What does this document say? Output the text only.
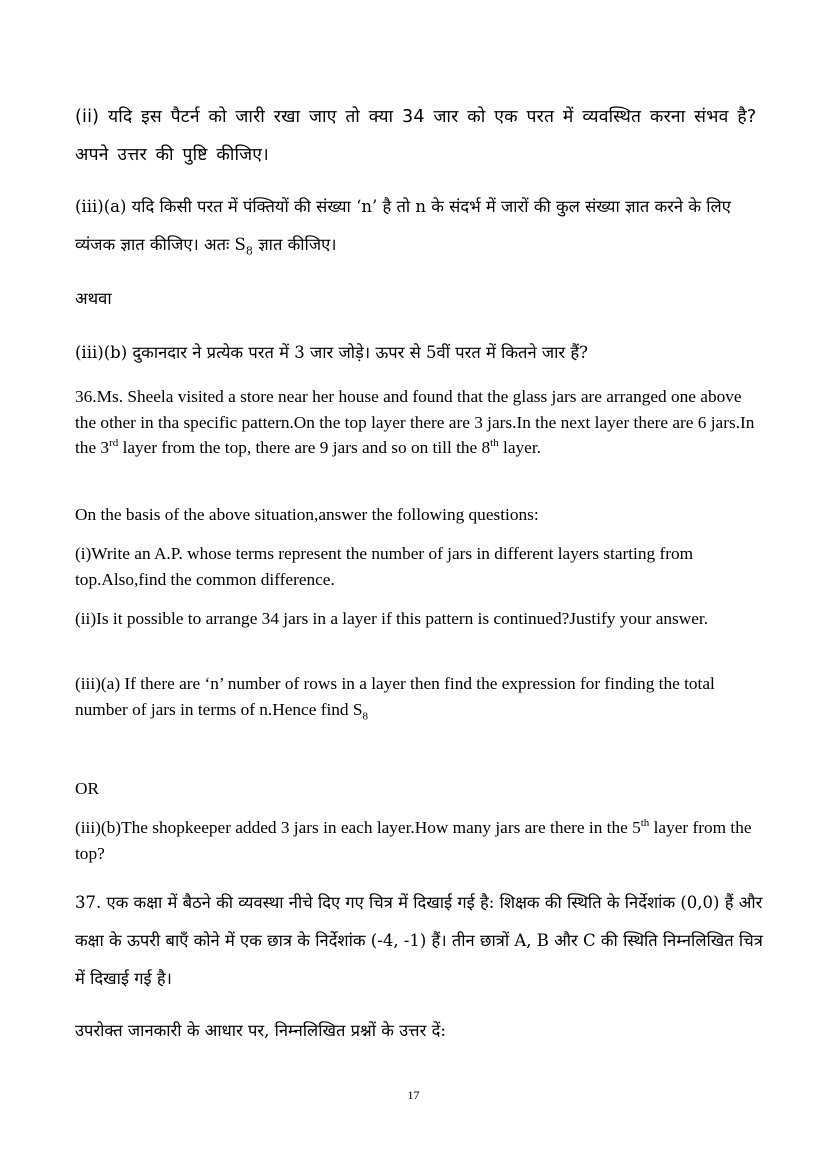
(ii) यदि इस पैटर्न को जारी रखा जाए तो क्या 34 जार को एक परत में व्यवस्थित करना संभव है? अपने उत्तर की पुष्टि कीजिए।

(iii)(a) यदि किसी परत में पंक्तियों की संख्या ‘n’ है तो n के संदर्भ में जारों की कुल संख्या ज्ञात करने के लिए व्यंजक ज्ञात कीजिए। अतः $S_8$ ज्ञात कीजिए।

अथवा

(iii)(b) दुकानदार ने प्रत्येक परत में 3 जार जोड़े। ऊपर से 5वीं परत में कितने जार हैं?

36.Ms. Sheela visited a store near her house and found that the glass jars are arranged one above the other in tha specific pattern.On the top layer there are 3 jars.In the next layer there are 6 jars.In the 3rd layer from the top, there are 9 jars and so on till the 8th layer.

On the basis of the above situation,answer the following questions:

(i)Write an A.P. whose terms represent the number of jars in different layers starting from top.Also,find the common difference.

(ii)Is it possible to arrange 34 jars in a layer if this pattern is continued?Justify your answer.

(iii)(a) If there are ‘n’ number of rows in a layer then find the expression for finding the total number of jars in terms of n.Hence find $S_8$

OR

(iii)(b)The shopkeeper added 3 jars in each layer.How many jars are there in the 5th layer from the top?

37. एक कक्षा में बैठने की व्यवस्था नीचे दिए गए चित्र में दिखाई गई है: शिक्षक की स्थिति के निर्देशांक (0,0) हैं और कक्षा के ऊपरी बाएँ कोने में एक छात्र के निर्देशांक (-4, -1) हैं। तीन छात्रों A, B और C की स्थिति निम्नलिखित चित्र में दिखाई गई है।

उपरोक्त जानकारी के आधार पर, निम्नलिखित प्रश्नों के उत्तर दें:

17
